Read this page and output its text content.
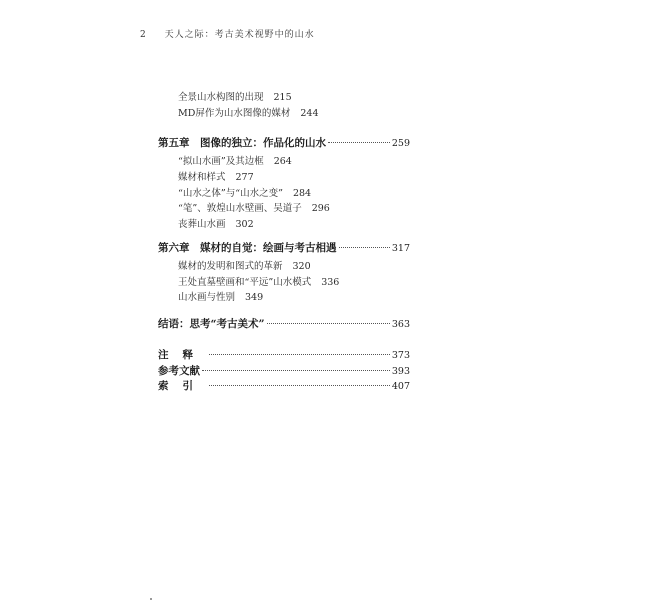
2 天人之际：考古美术视野中的山水
全景山水构图的出现 215
MD屏作为山水图像的媒材 244
第五章　图像的独立：作品化的山水	259
“拟山水画”及其边框 264
媒材和样式 277
“山水之体”与“山水之变” 284
“笔”、敦煌山水壁画、吴道子 296
丧葬山水画 302
第六章　媒材的自觉：绘画与考古相遇	317
媒材的发明和图式的革新 320
王处直墓壁画和“平远”山水模式 336
山水画与性别 349
结语：思考“考古美术”	363
注释	373
参考文献	393
索引	407
